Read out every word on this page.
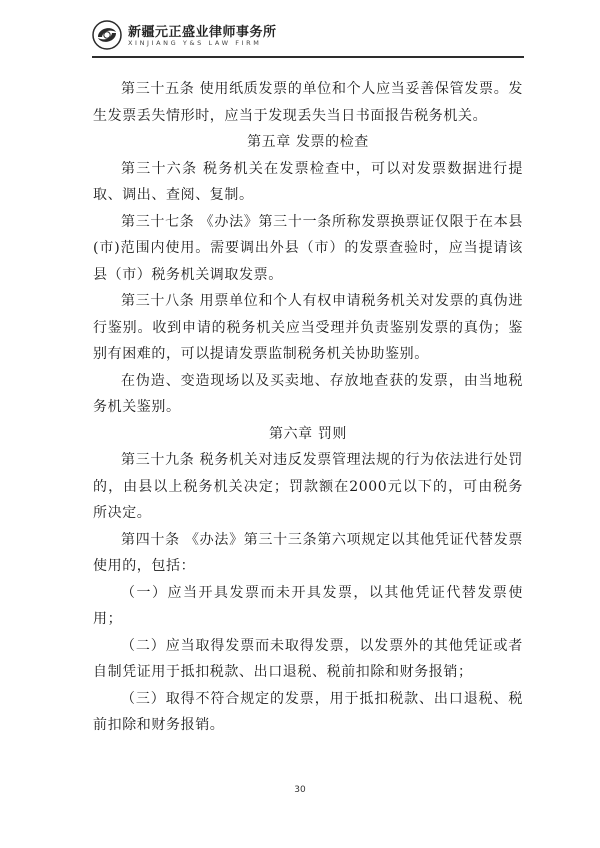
新疆元正盛业律师事务所
XINJIANG Y&S LAW FIRM

第三十五条 使用纸质发票的单位和个人应当妥善保管发票。发生发票丢失情形时，应当于发现丢失当日书面报告税务机关。

第五章 发票的检查

第三十六条 税务机关在发票检查中，可以对发票数据进行提取、调出、查阅、复制。

第三十七条 《办法》第三十一条所称发票换票证仅限于在本县(市)范围内使用。需要调出外县（市）的发票查验时，应当提请该县（市）税务机关调取发票。

第三十八条 用票单位和个人有权申请税务机关对发票的真伪进行鉴别。收到申请的税务机关应当受理并负责鉴别发票的真伪；鉴别有困难的，可以提请发票监制税务机关协助鉴别。

在伪造、变造现场以及买卖地、存放地查获的发票，由当地税务机关鉴别。

第六章 罚则

第三十九条 税务机关对违反发票管理法规的行为依法进行处罚的，由县以上税务机关决定；罚款额在2000元以下的，可由税务所决定。

第四十条 《办法》第三十三条第六项规定以其他凭证代替发票使用的，包括：

（一）应当开具发票而未开具发票，以其他凭证代替发票使用；

（二）应当取得发票而未取得发票，以发票外的其他凭证或者自制凭证用于抵扣税款、出口退税、税前扣除和财务报销；

（三）取得不符合规定的发票，用于抵扣税款、出口退税、税前扣除和财务报销。

30
